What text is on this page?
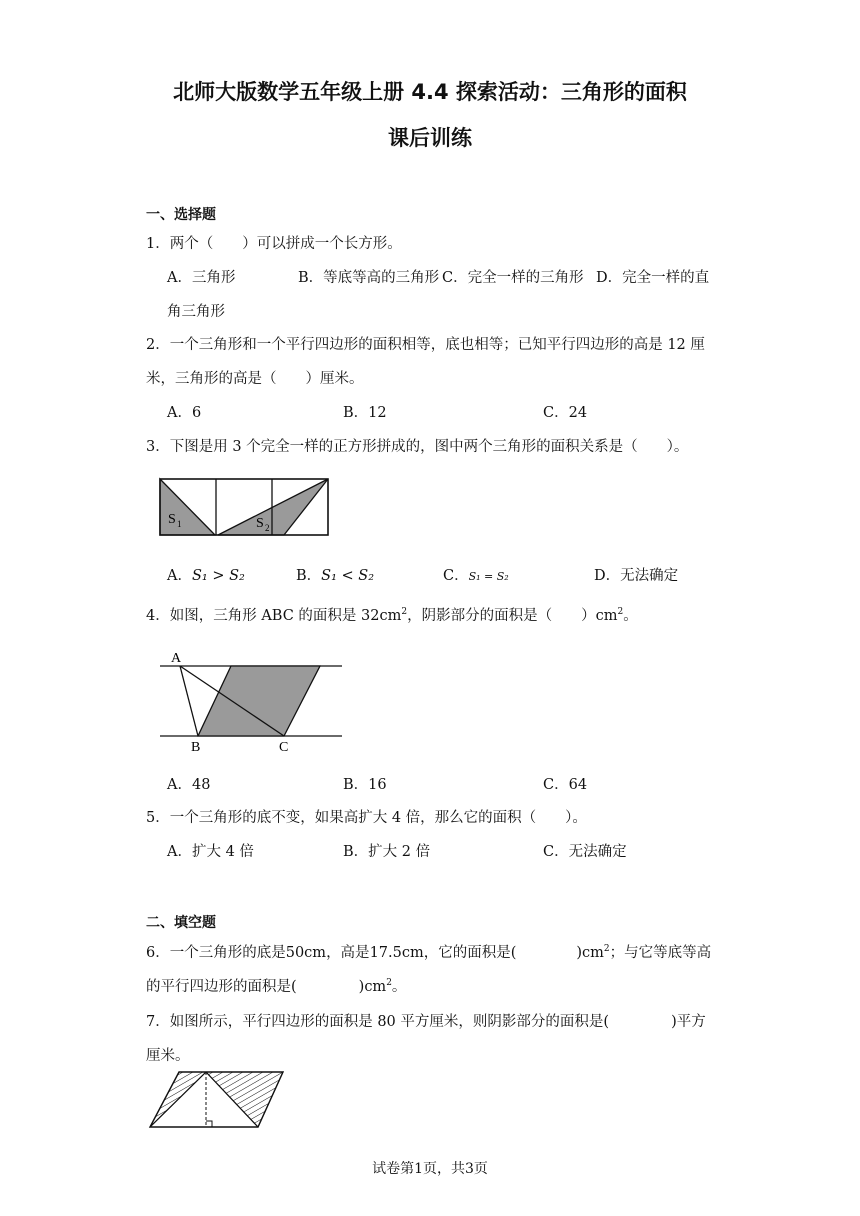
北师大版数学五年级上册 4.4 探索活动：三角形的面积
课后训练
一、选择题
1．两个（　　）可以拼成一个长方形。
A．三角形	B．等底等高的三角形 C．完全一样的三角形 D．完全一样的直
角三角形
2．一个三角形和一个平行四边形的面积相等，底也相等；已知平行四边形的高是 12 厘
米，三角形的高是（　　）厘米。
A．6	B．12	C．24
3．下图是用 3 个完全一样的正方形拼成的，图中两个三角形的面积关系是（　　）。
S 1	S 2
A．S₁ > S₂	B．S₁ < S₂	C．S₁ = S₂	D．无法确定
4．如图，三角形 ABC 的面积是 $32cm^2$，阴影部分的面积是（　　）$cm^2$。
A
B	C
A．48	B．16	C．64
5．一个三角形的底不变，如果高扩大 4 倍，那么它的面积（　　）。
A．扩大 4 倍	B．扩大 2 倍	C．无法确定
二、填空题
6．一个三角形的底是50cm，高是17.5cm，它的面积是(	)$cm^2$；与它等底等高
的平行四边形的面积是(	)$cm^2$。
7．如图所示，平行四边形的面积是 80 平方厘米，则阴影部分的面积是(	)平方
厘米。
试卷第1页，共3页
